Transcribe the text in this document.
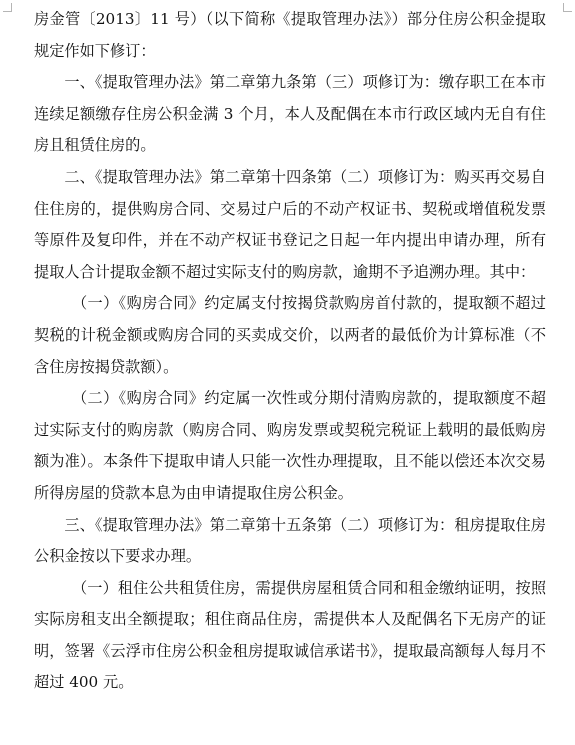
房金管〔2013〕11 号）（以下简称《提取管理办法》）部分住房公积金提取规定作如下修订：

一、《提取管理办法》第二章第九条第（三）项修订为：缴存职工在本市连续足额缴存住房公积金满 3 个月，本人及配偶在本市行政区域内无自有住房且租赁住房的。

二、《提取管理办法》第二章第十四条第（二）项修订为：购买再交易自住住房的，提供购房合同、交易过户后的不动产权证书、契税或增值税发票等原件及复印件，并在不动产权证书登记之日起一年内提出申请办理，所有提取人合计提取金额不超过实际支付的购房款，逾期不予追溯办理。其中：

（一）《购房合同》约定属支付按揭贷款购房首付款的，提取额不超过契税的计税金额或购房合同的买卖成交价，以两者的最低价为计算标准（不含住房按揭贷款额）。

（二）《购房合同》约定属一次性或分期付清购房款的，提取额度不超过实际支付的购房款（购房合同、购房发票或契税完税证上载明的最低购房额为准）。本条件下提取申请人只能一次性办理提取，且不能以偿还本次交易所得房屋的贷款本息为由申请提取住房公积金。

三、《提取管理办法》第二章第十五条第（二）项修订为：租房提取住房公积金按以下要求办理。

（一）租住公共租赁住房，需提供房屋租赁合同和租金缴纳证明，按照实际房租支出全额提取；租住商品住房，需提供本人及配偶名下无房产的证明，签署《云浮市住房公积金租房提取诚信承诺书》，提取最高额每人每月不超过 400 元。
